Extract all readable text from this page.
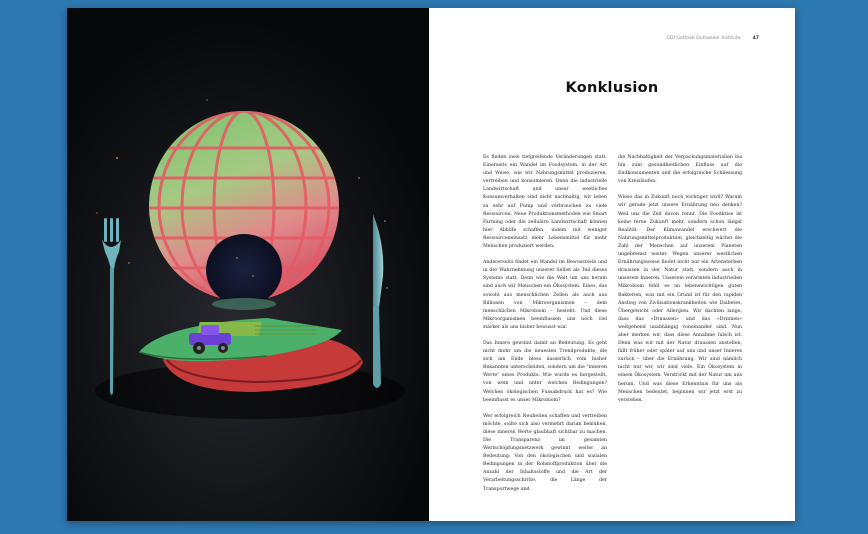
GDI Gottlieb Duttweiler Institute	47
Konklusion

Es finden zwei tiefgreifende Veränderungen statt: Einerseits ein Wandel im Foodsystem, in der Art und Weise, wie wir Nahrungsmittel produzieren, vertreiben und konsumieren. Denn die industrielle Landwirtschaft und unser westliches Konsumverhalten sind nicht nachhaltig, wir leben zu sehr auf Pump und verbrauchen zu viele Ressourcen. Neue Produktionsmethoden wie Smart Farming oder die zelluläre Landwirtschaft können hier Abhilfe schaffen, indem mit weniger Ressourceneinsatz mehr Lebensmittel für mehr Menschen produziert werden.

Andererseits findet ein Wandel im Bewusstsein und in der Wahrnehmung unserer Selbst als Teil dieses Systems statt. Denn wie die Welt um uns herum sind auch wir Menschen ein Ökosystem. Eines, das sowohl aus menschlichen Zellen als auch aus Billionen von Mikroorganismen – dem menschlichen Mikrobiom – besteht. Und diese Mikroorganismen beeinflussen uns noch viel stärker als uns bisher bewusst war.

Das Innere gewinnt damit an Bedeutung. Es geht nicht mehr um die neuesten Trendprodukte, die sich am Ende bloss äusserlich vom bisher Bekannten unterscheiden, sondern um die "inneren Werte" eines Produkts: Wie wurde es hergestellt, von wem und unter welchen Bedingungen? Welchen ökologischen Fussabdruck hat es? Wie beeinflusst es unser Mikrobiom?

Wer erfolgreich Neuheiten schaffen und vertreiben möchte, sollte sich also vermehrt darum bemühen, diese inneren Werte glaubhaft sichtbar zu machen. Die Transparenz im gesamten Wertschöpfungsnetzwerk gewinnt weiter an Bedeutung: Von den ökologischen und sozialen Bedingungen in der Rohstoffproduktion über die Anzahl der Inhaltsstoffe und die Art der Verarbeitungsschritte, die Länge der Transportwege und

die Nachhaltigkeit der Verpackungsmaterialien bis hin zum gesundheitlichen Einfluss auf die Endkonsumenten und die erfolgreiche Schliessung von Kreisläufen.

Wieso das in Zukunft noch wichtiger wird? Warum wir gerade jetzt unsere Ernährung neu denken? Weil uns die Zeit davon rennt. Die Foodkrise ist keine ferne Zukunft mehr, sondern schon längst Realität. Der Klimawandel erschwert die Nahrungsmittelproduktion, gleichzeitig wächst die Zahl der Menschen auf unserem Planeten ungebremst weiter. Wegen unserer westlichen Ernährungsweise findet nicht nur ein Artensterben draussen in der Natur statt, sondern auch in unserem Inneren. Unserem verarmten industriellen Mikrobiom fehlt es an lebenswichtigen guten Bakterien, was mit ein Grund ist für den rapiden Anstieg von Zivilisationskrankheiten wie Diabetes, Übergewicht oder Allergien. Wir dachten lange, dass das «Draussen» und das «Drinnen» weitgehend unabhängig voneinander sind. Nun aber merken wir, dass diese Annahme falsch ist. Denn was wir mit der Natur draussen anstellen, fällt früher oder später auf uns und unser Inneres zurück – über die Ernährung. Wir sind nämlich nicht nur wir, wir sind viele. Ein Ökosystem in einem Ökosystem. Verstrickt mit der Natur um uns herum. Und was diese Erkenntnis für uns als Menschen bedeutet, beginnen wir jetzt erst zu verstehen.
